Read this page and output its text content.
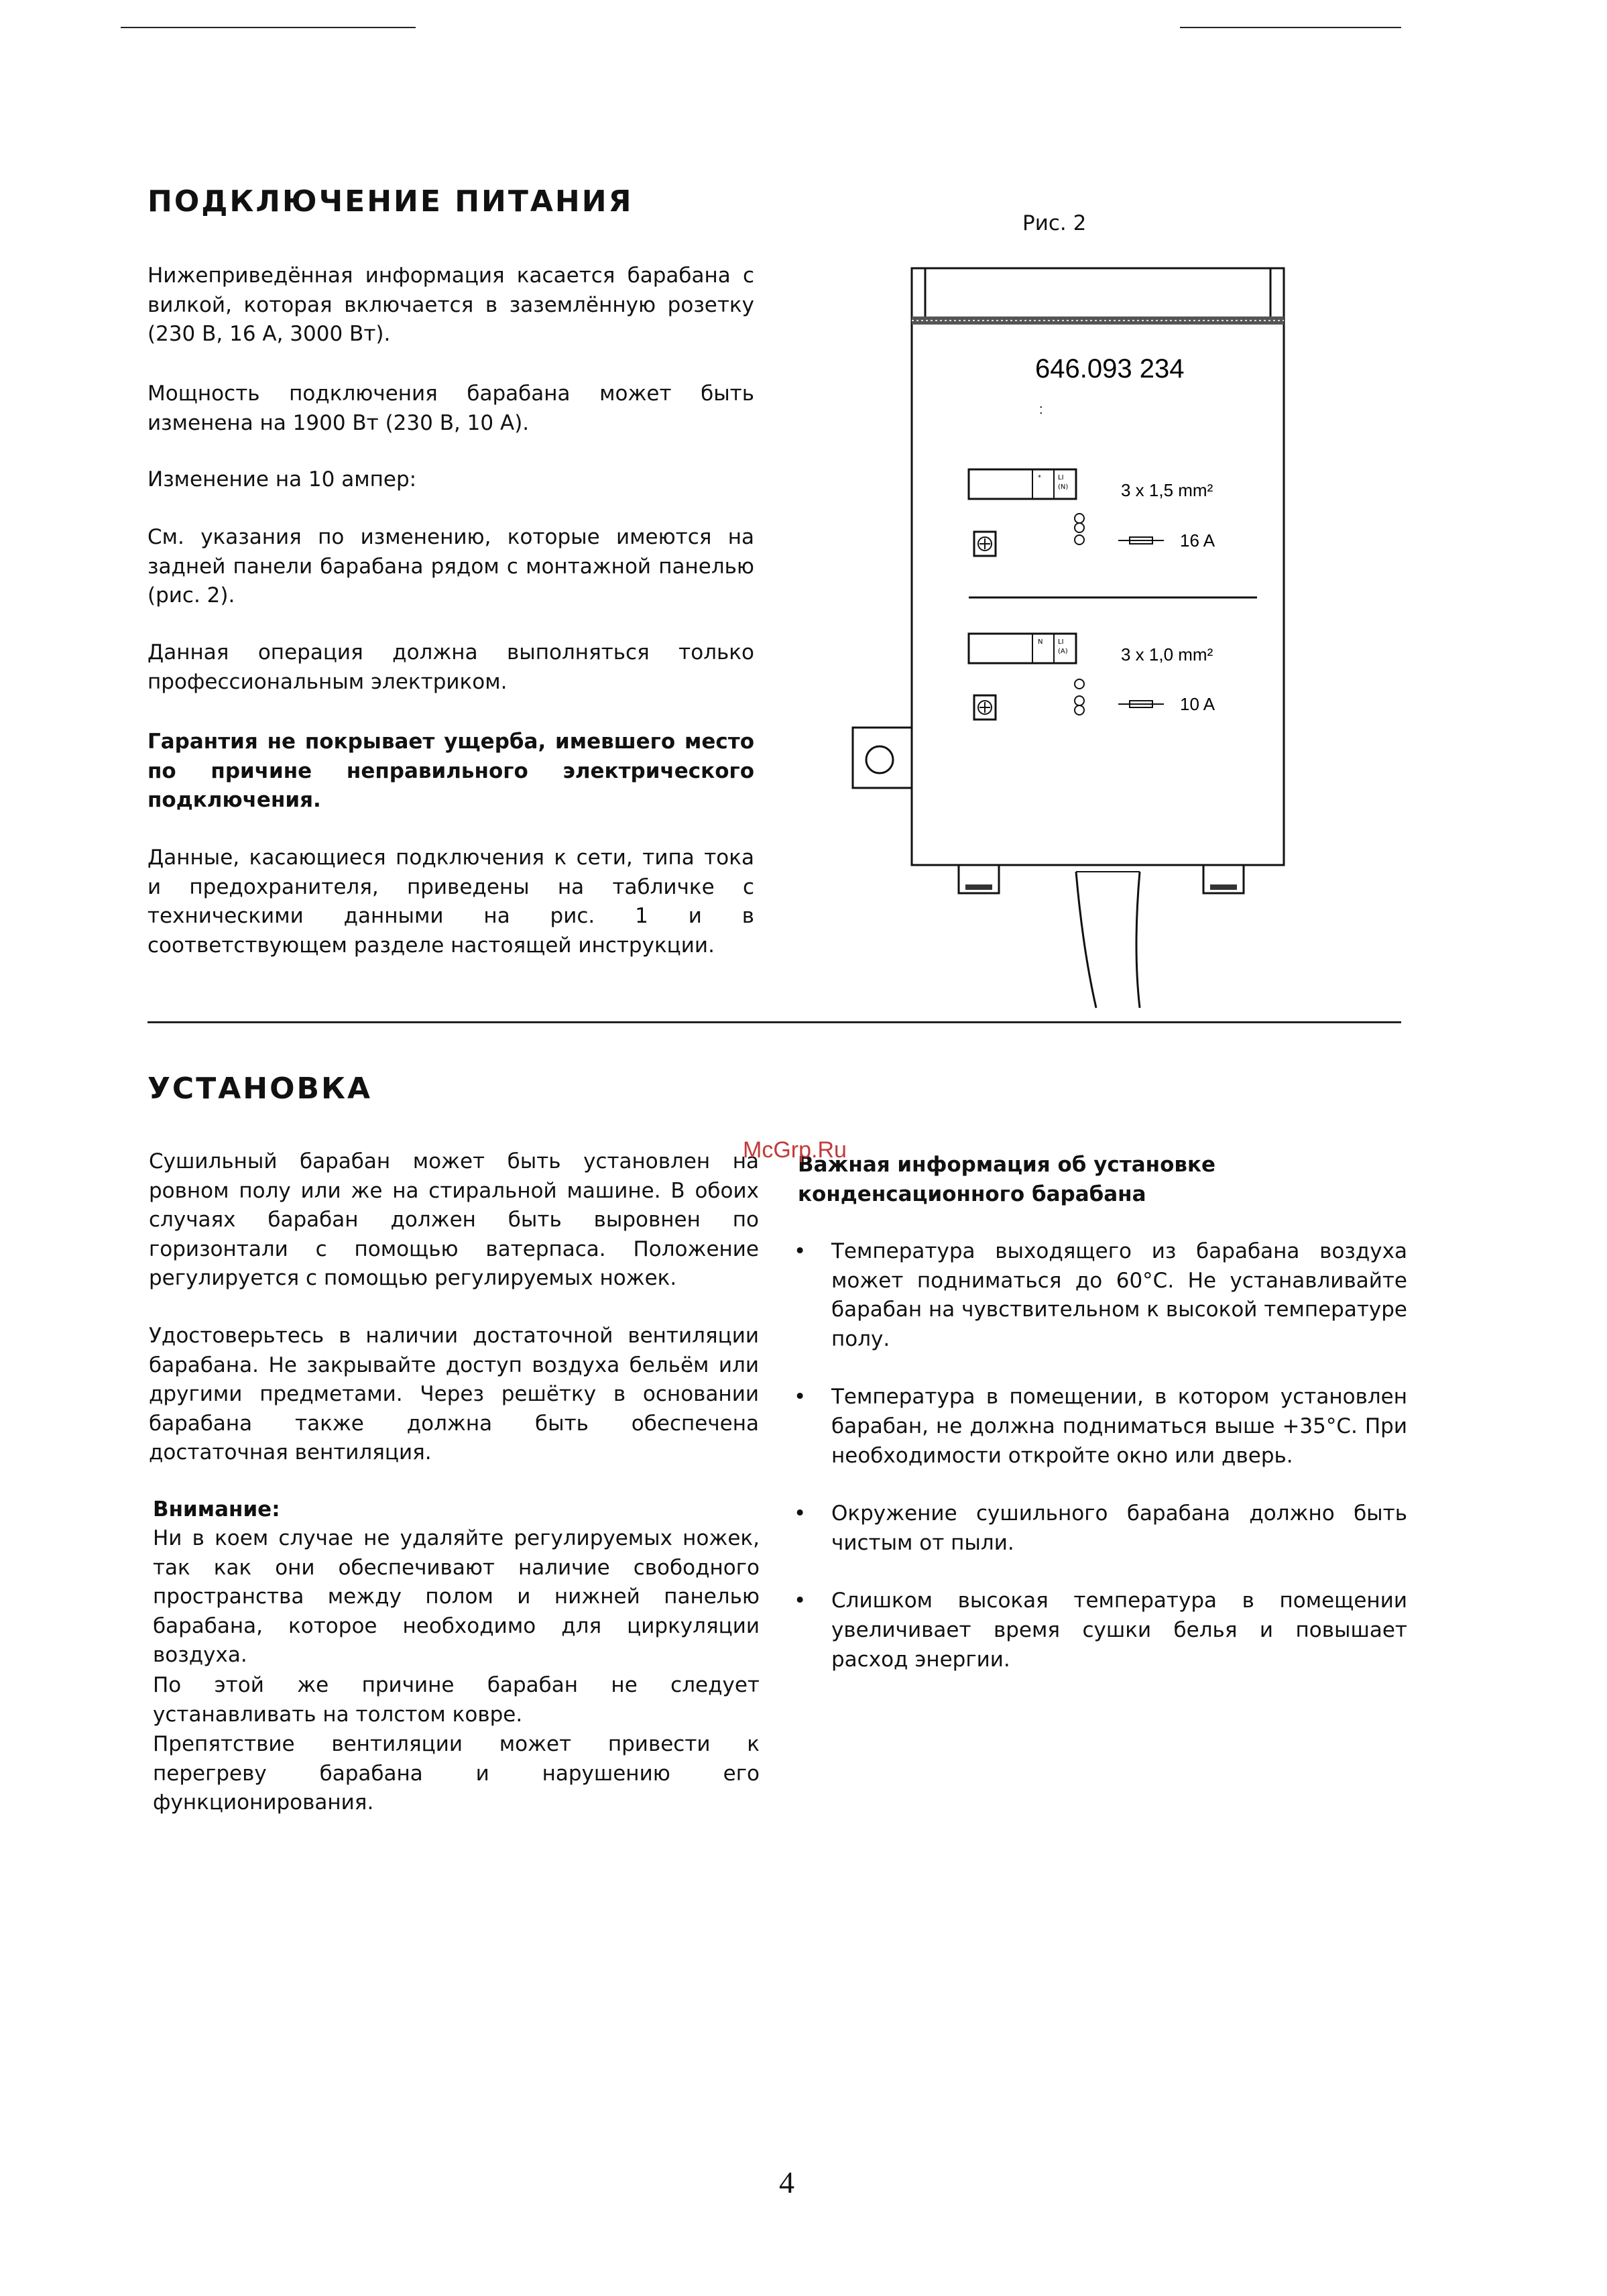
ПОДКЛЮЧЕНИЕ ПИТАНИЯ

Нижеприведённая информация касается барабана с вилкой, которая включается в заземлённую розетку (230 В, 16 А, 3000 Вт).

Мощность подключения барабана может быть изменена на 1900 Вт (230 В, 10 А).

Изменение на 10 ампер:

См. указания по изменению, которые имеются на задней панели барабана рядом с монтажной панелью (рис. 2).

Данная операция должна выполняться только профессиональным электриком.

Гарантия не покрывает ущерба, имевшего место по причине неправильного электрического подключения.

Данные, касающиеся подключения к сети, типа тока и предохранителя, приведены на табличке с техническими данными на рис. 1 и в соответствующем разделе настоящей инструкции.

Рис. 2
646.093 234
:
*	LI
(N)	3 x 1,5 mm²
16 A
N LI
(A)	3 x 1,0 mm²
10 A
УСТАНОВКА

Сушильный барабан может быть установлен на ровном полу или же на стиральной машине. В обоих случаях барабан должен быть выровнен по горизонтали с помощью ватерпаса. Положение регулируется с помощью регулируемых ножек.

Удостоверьтесь в наличии достаточной вентиляции барабана. Не закрывайте доступ воздуха бельём или другими предметами. Через решётку в основании барабана также должна быть обеспечена достаточная вентиляция.

Внимание:

Ни в коем случае не удаляйте регулируемых ножек, так как они обеспечивают наличие свободного пространства между полом и нижней панелью барабана, которое необходимо для циркуляции воздуха.

По этой же причине барабан не следует устанавливать на толстом ковре.

Препятствие вентиляции может привести к перегреву барабана и нарушению его функционирования.

Важная информация об установке конденсационного барабана

McGrp.Ru
• Температура выходящего из барабана воздуха может подниматься до 60°С. Не устанавливайте барабан на чувствительном к высокой температуре полу.
• Температура в помещении, в котором установлен барабан, не должна подниматься выше +35°С. При необходимости откройте окно или дверь.
• Окружение сушильного барабана должно быть чистым от пыли.
• Слишком высокая температура в помещении увеличивает время сушки белья и повышает расход энергии.
4
